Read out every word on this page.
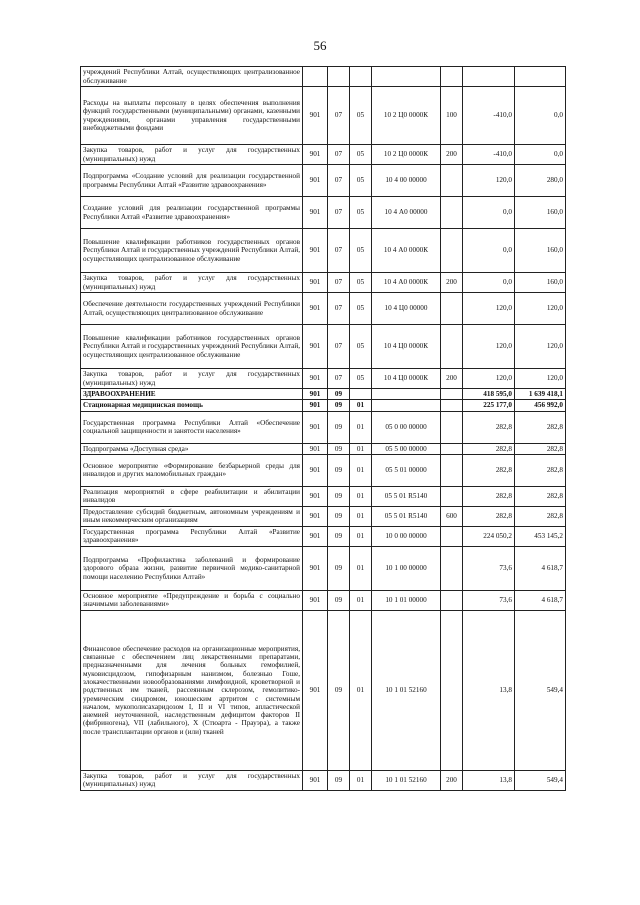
56
учреждений Республики Алтай, осуществляющих централизованное обслуживание							
Расходы на выплаты персоналу в целях обеспечения выполнения функций государственными (муниципальными) органами, казенными учреждениями, органами управления государственными внебюджетными фондами	901	07	05	10 2 Ц0 0000К	100	-410,0	0,0
Закупка товаров, работ и услуг для государственных (муниципальных) нужд	901	07	05	10 2 Ц0 0000К	200	-410,0	0,0
Подпрограмма «Создание условий для реализации государственной программы Республики Алтай «Развитие здравоохранения»	901	07	05	10 4 00 00000		120,0	280,0
Создание условий для реализации государственной программы Республики Алтай «Развитие здравоохранения»	901	07	05	10 4 А0 00000		0,0	160,0
Повышение квалификации работников государственных органов Республики Алтай и государственных учреждений Республики Алтай, осуществляющих централизованное обслуживание	901	07	05	10 4 А0 0000К		0,0	160,0
Закупка товаров, работ и услуг для государственных (муниципальных) нужд	901	07	05	10 4 А0 0000К	200	0,0	160,0
Обеспечение деятельности государственных учреждений Республики Алтай, осуществляющих централизованное обслуживание	901	07	05	10 4 Ц0 00000		120,0	120,0
Повышение квалификации работников государственных органов Республики Алтай и государственных учреждений Республики Алтай, осуществляющих централизованное обслуживание	901	07	05	10 4 Ц0 0000К		120,0	120,0
Закупка товаров, работ и услуг для государственных (муниципальных) нужд	901	07	05	10 4 Ц0 0000К	200	120,0	120,0
ЗДРАВООХРАНЕНИЕ	901	09				418 595,0	1 639 418,1
Стационарная медицинская помощь	901	09	01			225 177,0	456 992,0
Государственная программа Республики Алтай «Обеспечение социальной защищенности и занятости населения»	901	09	01	05 0 00 00000		282,8	282,8
Подпрограмма «Доступная среда»	901	09	01	05 5 00 00000		282,8	282,8
Основное мероприятие «Формирование безбарьерной среды для инвалидов и других маломобильных граждан»	901	09	01	05 5 01 00000		282,8	282,8
Реализация мероприятий в сфере реабилитации и абилитации инвалидов	901	09	01	05 5 01 R5140		282,8	282,8
Предоставление субсидий бюджетным, автономным учреждениям и иным некоммерческим организациям	901	09	01	05 5 01 R5140	600	282,8	282,8
Государственная программа Республики Алтай «Развитие здравоохранения»	901	09	01	10 0 00 00000		224 050,2	453 145,2
Подпрограмма «Профилактика заболеваний и формирование здорового образа жизни, развитие первичной медико-санитарной помощи населению Республики Алтай»	901	09	01	10 1 00 00000		73,6	4 618,7
Основное мероприятие «Предупреждение и борьба с социально значимыми заболеваниями»	901	09	01	10 1 01 00000		73,6	4 618,7
Финансовое обеспечение расходов на организационные мероприятия, связанные с обеспечением лиц лекарственными препаратами, предназначенными для лечения больных гемофилией, муковисцидозом, гипофизарным нанизмом, болезнью Гоше, злокачественными новообразованиями лимфоидной, кроветворной и родственных им тканей, рассеянным склерозом, гемолитико-уремическим синдромом, юношеским артритом с системным началом, мукополисахаридозом I, II и VI типов, апластической анемией неуточненной, наследственным дефицитом факторов II (фибриногена), VII (лабильного), X (Стюарта - Прауэра), а также после трансплантации органов и (или) тканей	901	09	01	10 1 01 52160		13,8	549,4
Закупка товаров, работ и услуг для государственных (муниципальных) нужд	901	09	01	10 1 01 52160	200	13,8	549,4
